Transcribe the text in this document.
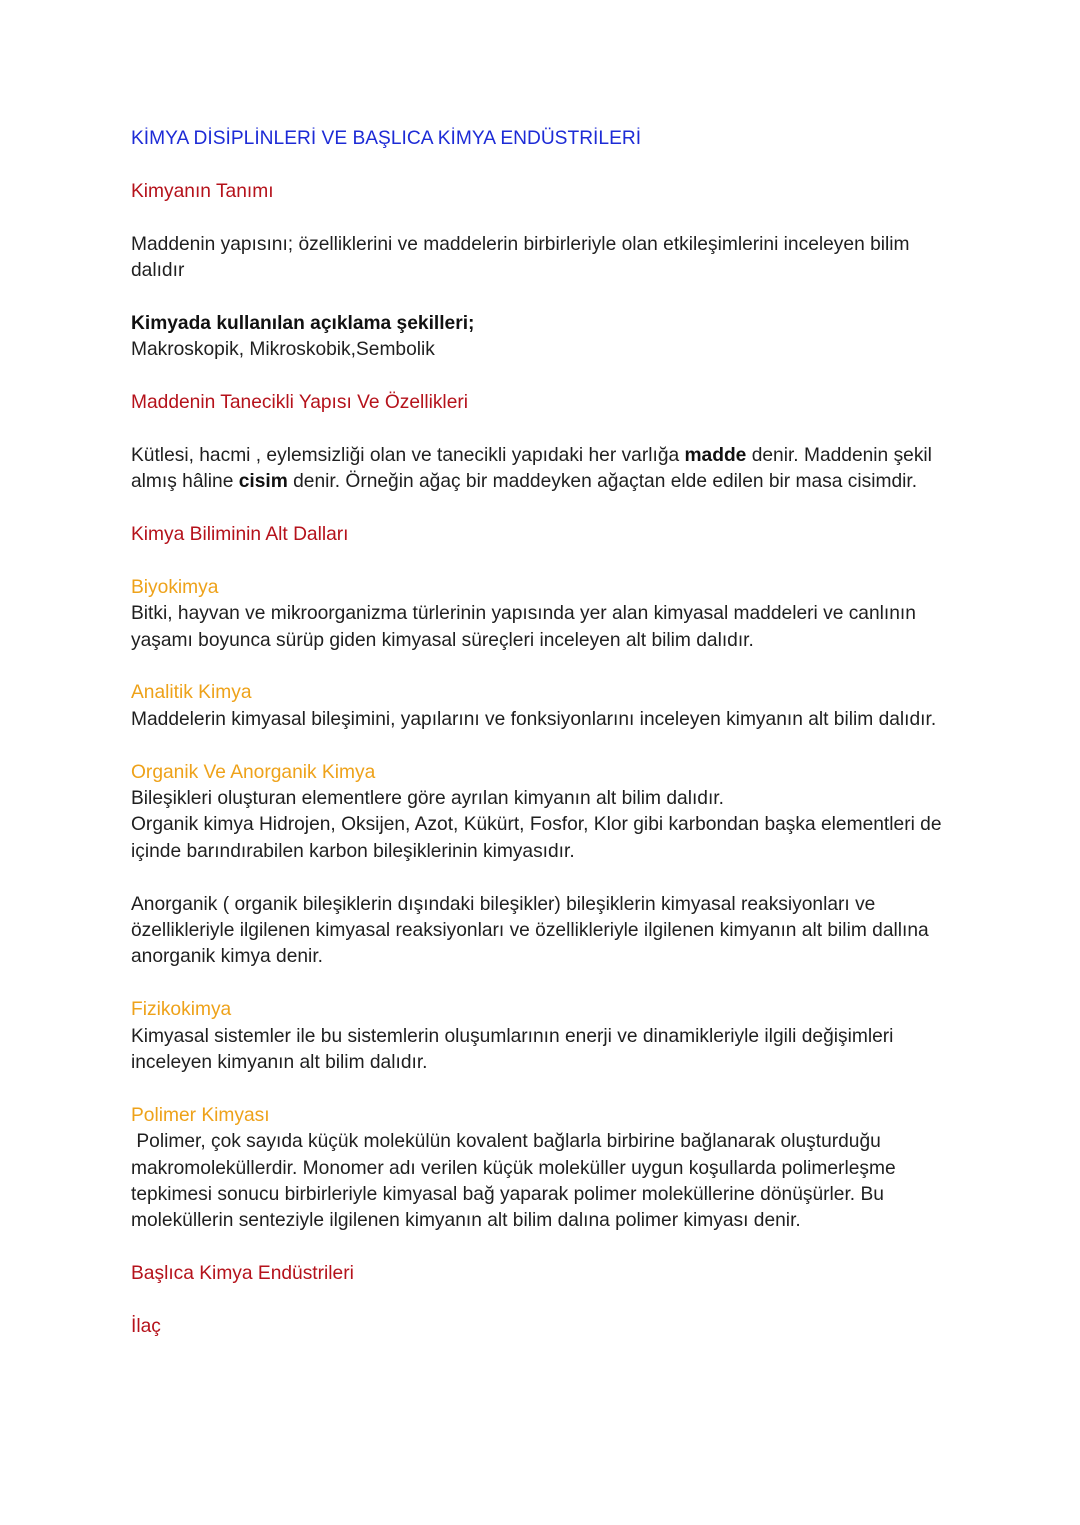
KİMYA DİSİPLİNLERİ VE BAŞLICA KİMYA ENDÜSTRİLERİ

Kimyanın Tanımı

Maddenin yapısını; özelliklerini ve maddelerin birbirleriyle olan etkileşimlerini inceleyen bilim dalıdır

Kimyada kullanılan açıklama şekilleri;

Makroskopik, Mikroskobik,Sembolik

Maddenin Tanecikli Yapısı Ve Özellikleri

Kütlesi, hacmi , eylemsizliği olan ve tanecikli yapıdaki her varlığa madde denir. Maddenin şekil almış hâline cisim denir. Örneğin ağaç bir maddeyken ağaçtan elde edilen bir masa cisimdir.

Kimya Biliminin Alt Dalları

Biyokimya

Bitki, hayvan ve mikroorganizma türlerinin yapısında yer alan kimyasal maddeleri ve canlının yaşamı boyunca sürüp giden kimyasal süreçleri inceleyen alt bilim dalıdır.

Analitik Kimya

Maddelerin kimyasal bileşimini, yapılarını ve fonksiyonlarını inceleyen kimyanın alt bilim dalıdır.

Organik Ve Anorganik Kimya

Bileşikleri oluşturan elementlere göre ayrılan kimyanın alt bilim dalıdır.

Organik kimya Hidrojen, Oksijen, Azot, Kükürt, Fosfor, Klor gibi karbondan başka elementleri de içinde barındırabilen karbon bileşiklerinin kimyasıdır.

Anorganik ( organik bileşiklerin dışındaki bileşikler) bileşiklerin kimyasal reaksiyonları ve özellikleriyle ilgilenen kimyasal reaksiyonları ve özellikleriyle ilgilenen kimyanın alt bilim dallına anorganik kimya denir.

Fizikokimya

Kimyasal sistemler ile bu sistemlerin oluşumlarının enerji ve dinamikleriyle ilgili değişimleri inceleyen kimyanın alt bilim dalıdır.

Polimer Kimyası

Polimer, çok sayıda küçük molekülün kovalent bağlarla birbirine bağlanarak oluşturduğu makromoleküllerdir. Monomer adı verilen küçük moleküller uygun koşullarda polimerleşme tepkimesi sonucu birbirleriyle kimyasal bağ yaparak polimer moleküllerine dönüşürler. Bu moleküllerin senteziyle ilgilenen kimyanın alt bilim dalına polimer kimyası denir.

Başlıca Kimya Endüstrileri

İlaç
